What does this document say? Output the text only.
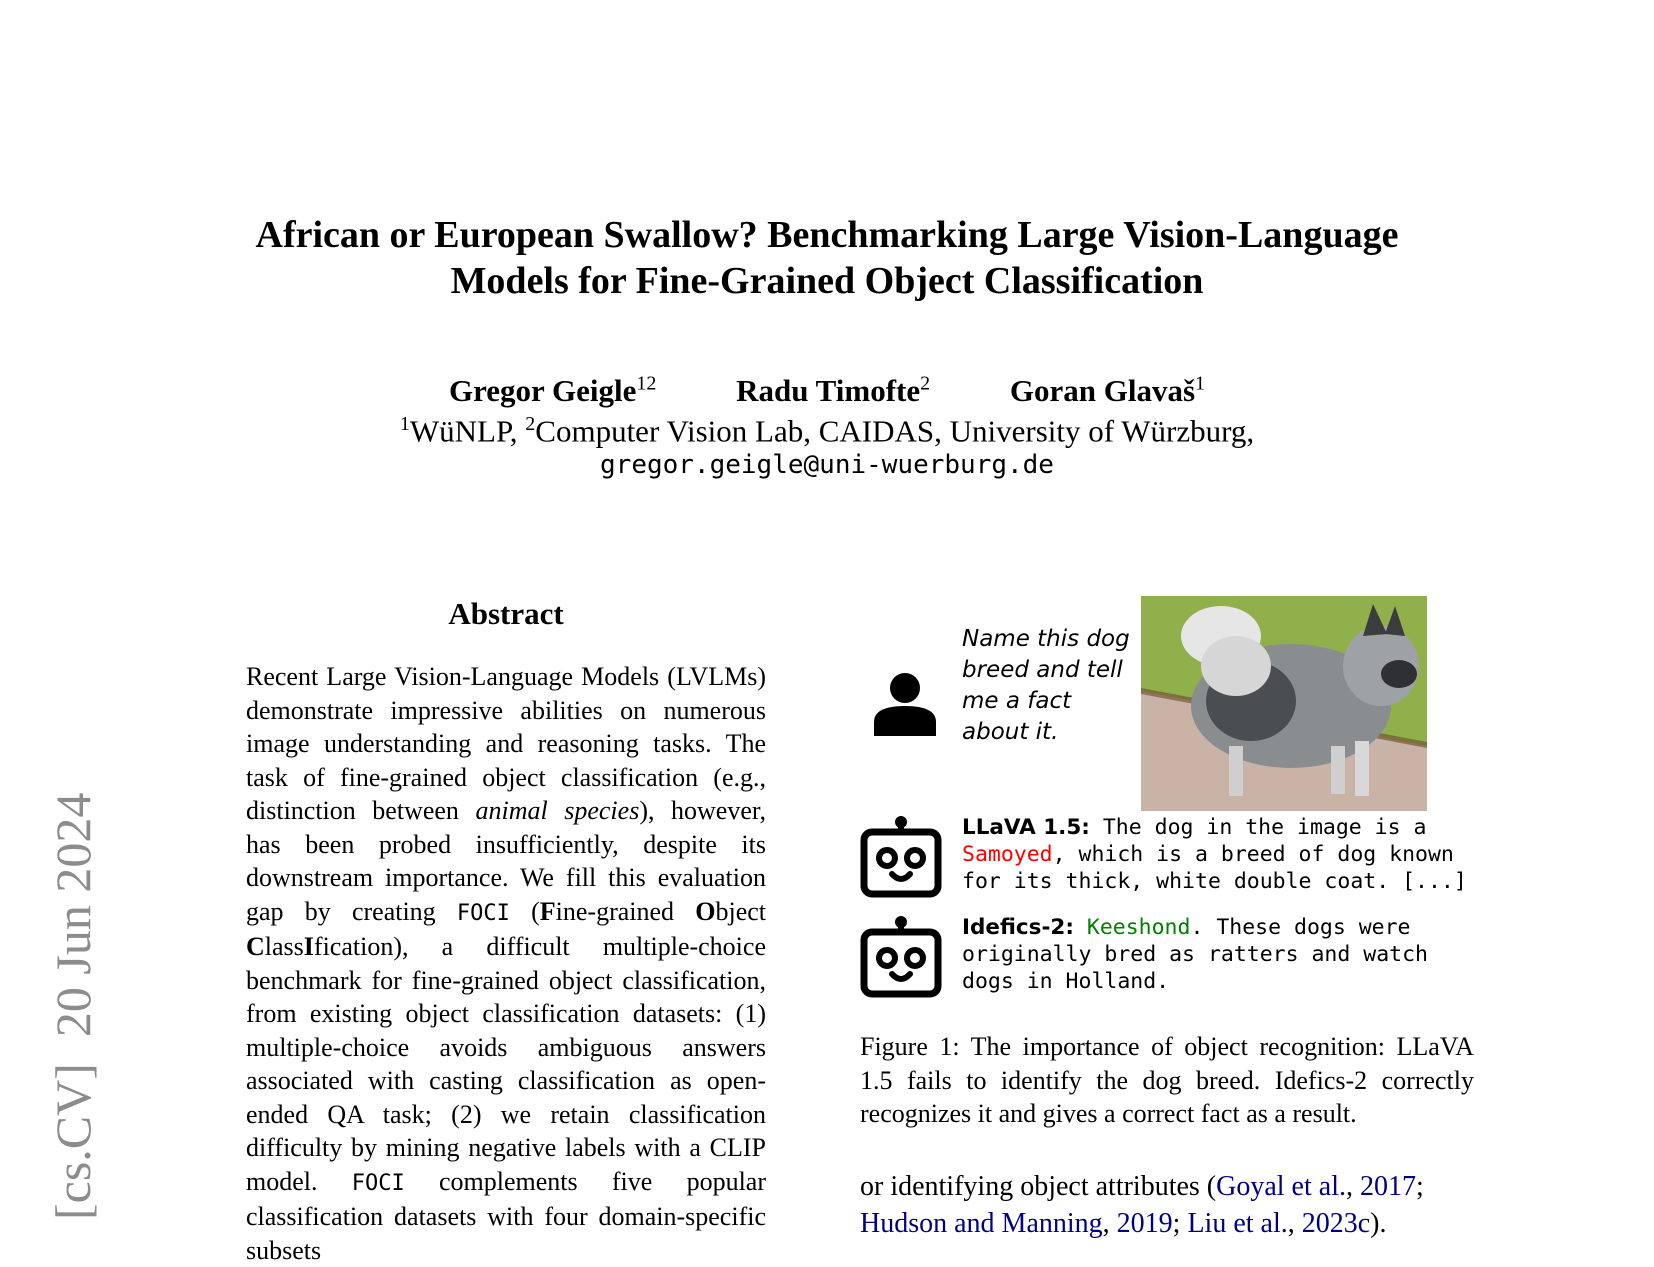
[cs.CV]20 Jun 2024
African or European Swallow? Benchmarking Large Vision-Language
Models for Fine-Grained Object Classification
Gregor Geigle$^{12}$	Radu Timofte$^2$	Goran Glavaš$^1$
$^1$WüNLP, $^2$Computer Vision Lab, CAIDAS, University of Würzburg,
gregor.geigle@uni-wuerburg.de
Abstract

Recent Large Vision-Language Models (LVLMs) demonstrate impressive abilities on numerous image understanding and reasoning tasks. The task of fine-grained object classification (e.g., distinction between animal species), however, has been probed insufficiently, despite its downstream importance. We fill this evaluation gap by creating FOCI (Fine-grained Object ClassIfication), a difficult multiple-choice benchmark for fine-grained object classification, from existing object classification datasets: (1) multiple-choice avoids ambiguous answers associated with casting classification as open-ended QA task; (2) we retain classification difficulty by mining negative labels with a CLIP model. FOCI complements five popular classification datasets with four domain-specific subsets

Name this dog breed and tell me a fact about it.
LLaVA 1.5: The dog in the image is a
Samoyed, which is a breed of dog known
for its thick, white double coat. [...]
Idefics-2: Keeshond. These dogs were
originally bred as ratters and watch
dogs in Holland.
Figure 1: The importance of object recognition: LLaVA 1.5 fails to identify the dog breed. Idefics-2 correctly recognizes it and gives a correct fact as a result.
or identifying object attributes (Goyal et al., 2017;
Hudson and Manning, 2019; Liu et al., 2023c).
